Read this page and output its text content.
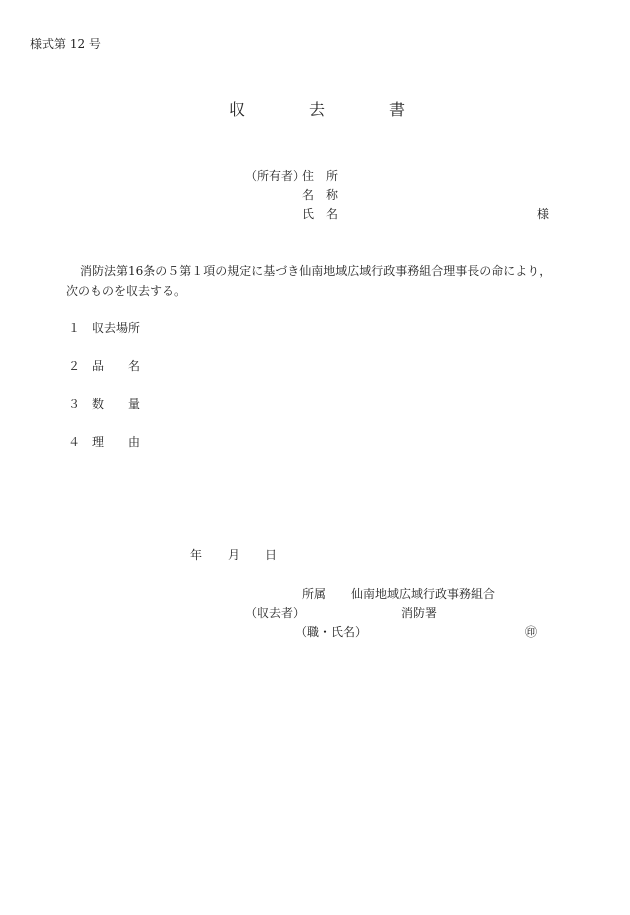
様式第 12 号
収去書
（所有者）
住　所
名　称
氏　名	様
消防法第16条の５第１項の規定に基づき仙南地域広域行政事務組合理事長の命により，
次のものを収去する。
１ 収去場所
２ 品　　名
３ 数　　量
４ 理　　由
年 月 日
所属 仙南地域広域行政事務組合
（収去者）	消防署
（職・氏名）	㊞
